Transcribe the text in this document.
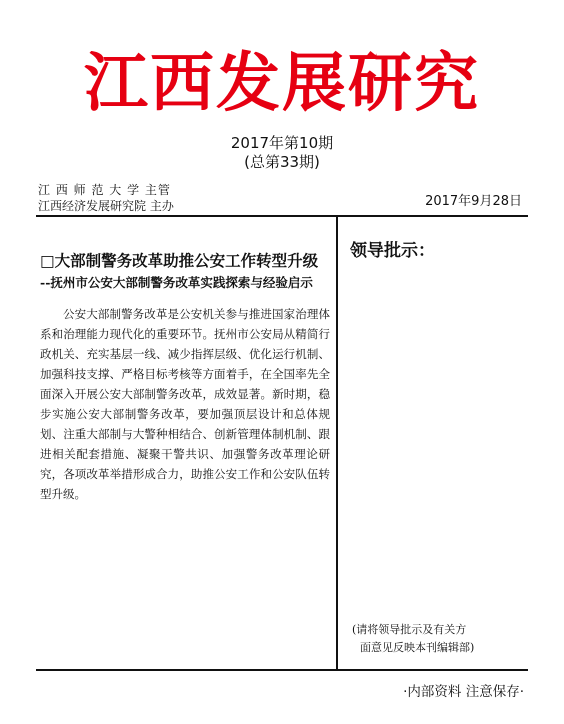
江西发展研究
2017年第10期
(总第33期)
江 西 师 范 大 学 主管
江西经济发展研究院 主办	2017年9月28日
□大部制警务改革助推公安工作转型升级
--抚州市公安大部制警务改革实践探索与经验启示
公安大部制警务改革是公安机关参与推进国家治理体系和治理能力现代化的重要环节。抚州市公安局从精简行政机关、充实基层一线、减少指挥层级、优化运行机制、加强科技支撑、严格目标考核等方面着手，在全国率先全面深入开展公安大部制警务改革，成效显著。新时期，稳步实施公安大部制警务改革，要加强顶层设计和总体规划、注重大部制与大警种相结合、创新管理体制机制、跟进相关配套措施、凝聚干警共识、加强警务改革理论研究，各项改革举措形成合力，助推公安工作和公安队伍转型升级。
领导批示：
(请将领导批示及有关方
面意见反映本刊编辑部)
·内部资料 注意保存·
